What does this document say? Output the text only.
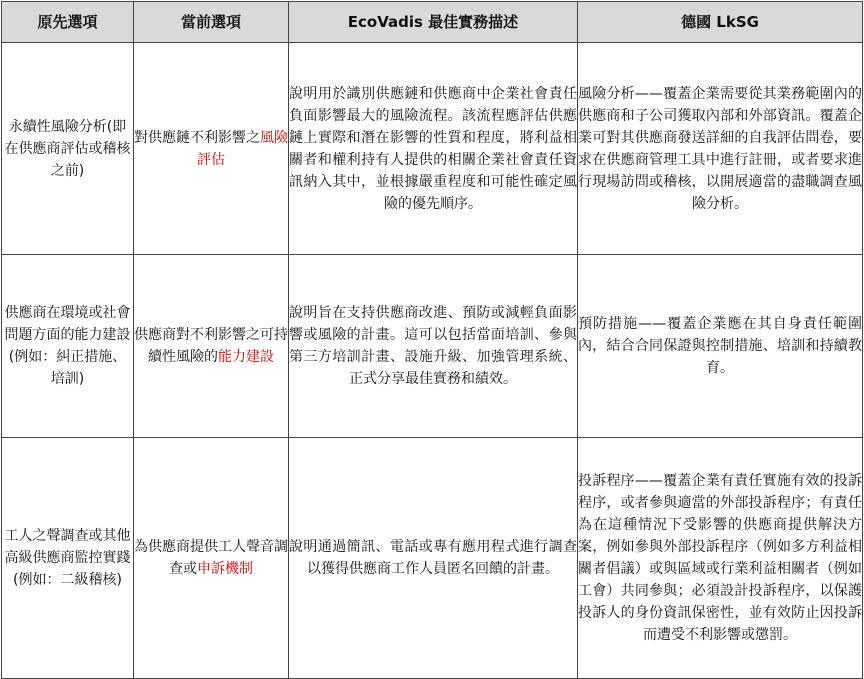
原先選項	當前選項	EcoVadis 最佳實務描述	德國 LkSG
永續性風險分析(即在供應商評估或稽核之前)	對供應鏈不利影響之風險評估	說明用於識別供應鏈和供應商中企業社會責任負面影響最大的風險流程。該流程應評估供應鏈上實際和潛在影響的性質和程度，將利益相關者和權利持有人提供的相關企業社會責任資訊納入其中，並根據嚴重程度和可能性確定風險的優先順序。	風險分析——覆蓋企業需要從其業務範圍內的供應商和子公司獲取內部和外部資訊。覆蓋企業可對其供應商發送詳細的自我評估問卷，要求在供應商管理工具中進行註冊，或者要求進行現場訪問或稽核，以開展適當的盡職調查風險分析。

供應商在環境或社會問題方面的能力建設 (例如：糾正措施、培訓)	供應商對不利影響之可持續性風險的能力建設	說明旨在支持供應商改進、預防或減輕負面影響或風險的計畫。這可以包括當面培訓、參與第三方培訓計畫、設施升級、加強管理系統、正式分享最佳實務和績效。	預防措施——覆蓋企業應在其自身責任範圍內，結合合同保證與控制措施、培訓和持續教育。

工人之聲調查或其他高級供應商監控實踐 (例如：二級稽核)	為供應商提供工人聲音調查或申訴機制	說明通過簡訊、電話或專有應用程式進行調查以獲得供應商工作人員匿名回饋的計畫。	投訴程序——覆蓋企業有責任實施有效的投訴程序，或者參與適當的外部投訴程序；有責任為在這種情況下受影響的供應商提供解決方案，例如參與外部投訴程序（例如多方利益相關者倡議）或與區域或行業利益相關者（例如工會）共同參與；必須設計投訴程序，以保護投訴人的身份資訊保密性，並有效防止因投訴而遭受不利影響或懲罰。
